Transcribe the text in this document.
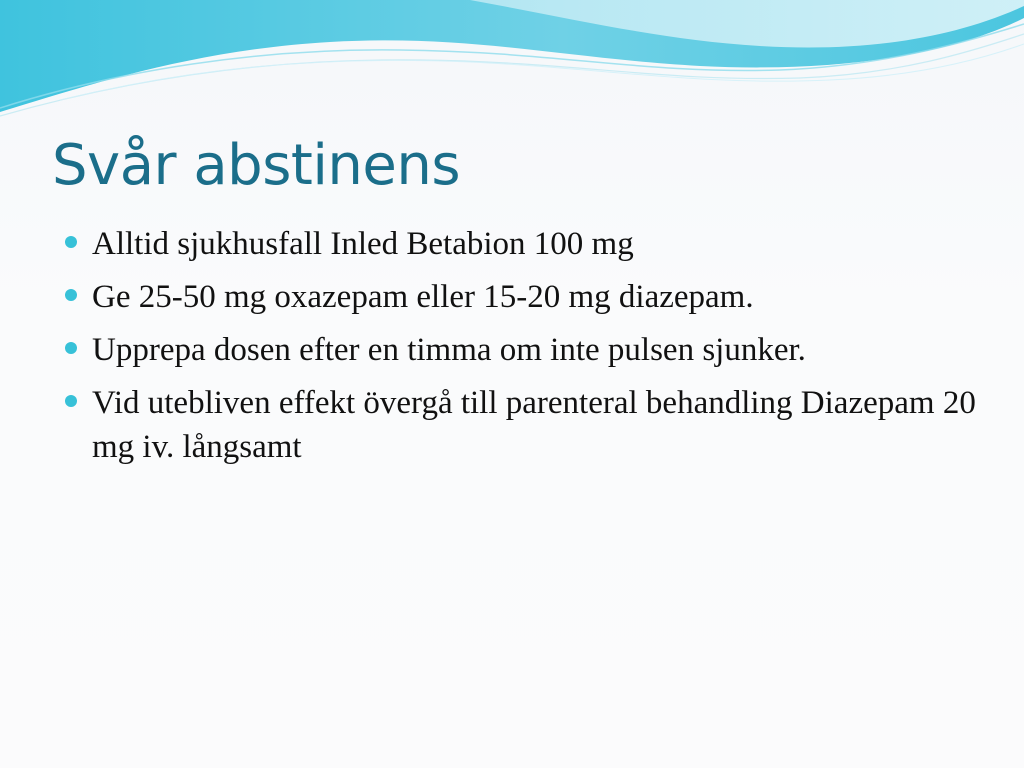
Svår abstinens
Alltid sjukhusfall Inled Betabion 100 mg
Ge 25-50 mg oxazepam eller 15-20 mg diazepam.
Upprepa dosen efter en timma om inte pulsen sjunker.
Vid utebliven effekt övergå till parenteral behandling Diazepam 20 mg iv. långsamt
